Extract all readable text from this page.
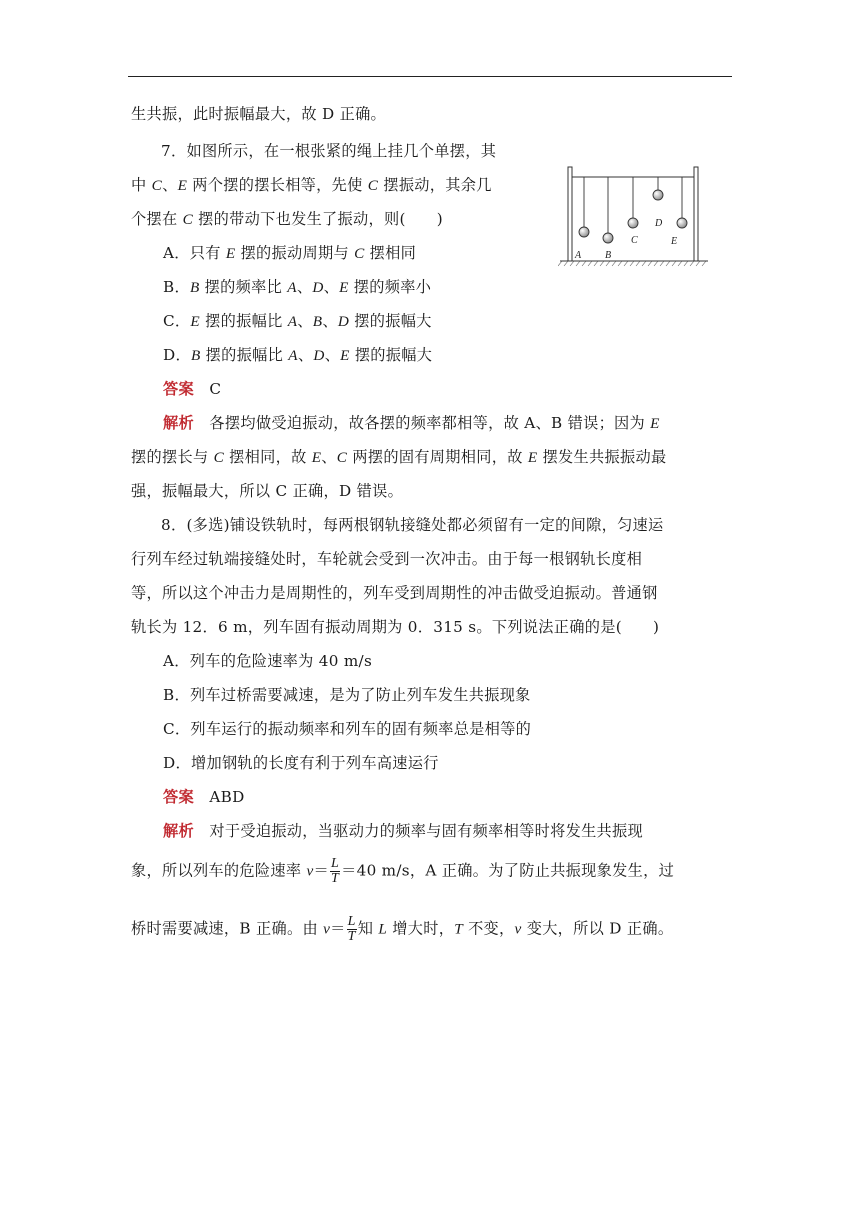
生共振，此时振幅最大，故 D 正确。
7．如图所示，在一根张紧的绳上挂几个单摆，其
中 C、E 两个摆的摆长相等，先使 C 摆振动，其余几
个摆在 C 摆的带动下也发生了振动，则(　　)
A．只有 E 摆的振动周期与 C 摆相同
B．B 摆的频率比 A、D、E 摆的频率小
C．E 摆的振幅比 A、B、D 摆的振幅大
D．B 摆的振幅比 A、D、E 摆的振幅大
答案 C
解析 各摆均做受迫振动，故各摆的频率都相等，故 A、B 错误；因为 E
摆的摆长与 C 摆相同，故 E、C 两摆的固有周期相同，故 E 摆发生共振振动最
强，振幅最大，所以 C 正确，D 错误。
A B
C
D
E
8．(多选)铺设铁轨时，每两根钢轨接缝处都必须留有一定的间隙，匀速运
行列车经过轨端接缝处时，车轮就会受到一次冲击。由于每一根钢轨长度相
等，所以这个冲击力是周期性的，列车受到周期性的冲击做受迫振动。普通钢
轨长为 12．6 m，列车固有振动周期为 0．315 s。下列说法正确的是(　　)
A．列车的危险速率为 40 m/s
B．列车过桥需要减速，是为了防止列车发生共振现象
C．列车运行的振动频率和列车的固有频率总是相等的
D．增加钢轨的长度有利于列车高速运行
答案 ABD
解析 对于受迫振动，当驱动力的频率与固有频率相等时将发生共振现
象，所以列车的危险速率 $v= \frac{L}{T} =40$ m/s，A 正确。为了防止共振现象发生，过
桥时需要减速，B 正确。由 $v= \frac{L}{T}$ 知 L 增大时，T 不变，v 变大，所以 D 正确。
